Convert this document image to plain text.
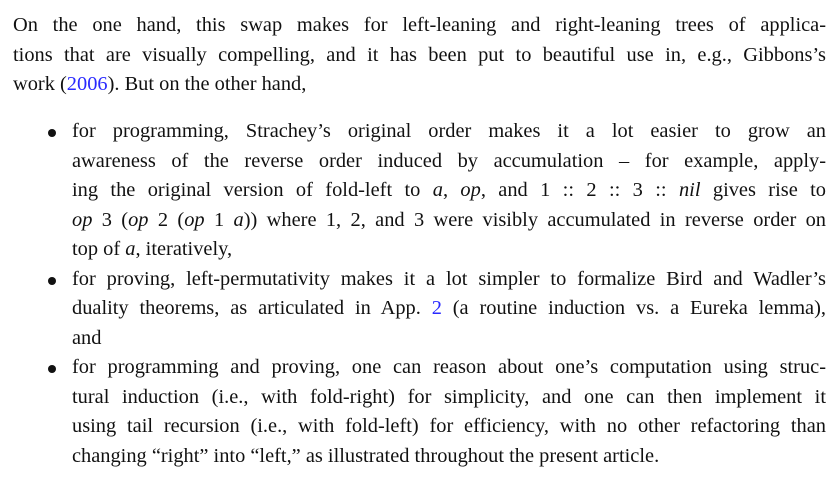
On the one hand, this swap makes for left-leaning and right-leaning trees of applica-
tions that are visually compelling, and it has been put to beautiful use in, e.g., Gibbons’s
work (2006). But on the other hand,

for programming, Strachey’s original order makes it a lot easier to grow an
awareness of the reverse order induced by accumulation – for example, apply-
ing the original version of fold-left to a, op, and 1 :: 2 :: 3 :: nil gives rise to
op 3 (op 2 (op 1 a)) where 1, 2, and 3 were visibly accumulated in reverse order on
top of a, iteratively,
for proving, left-permutativity makes it a lot simpler to formalize Bird and Wadler’s
duality theorems, as articulated in App. 2 (a routine induction vs. a Eureka lemma),
and
for programming and proving, one can reason about one’s computation using struc-
tural induction (i.e., with fold-right) for simplicity, and one can then implement it
using tail recursion (i.e., with fold-left) for efficiency, with no other refactoring than
changing “right” into “left,” as illustrated throughout the present article.
